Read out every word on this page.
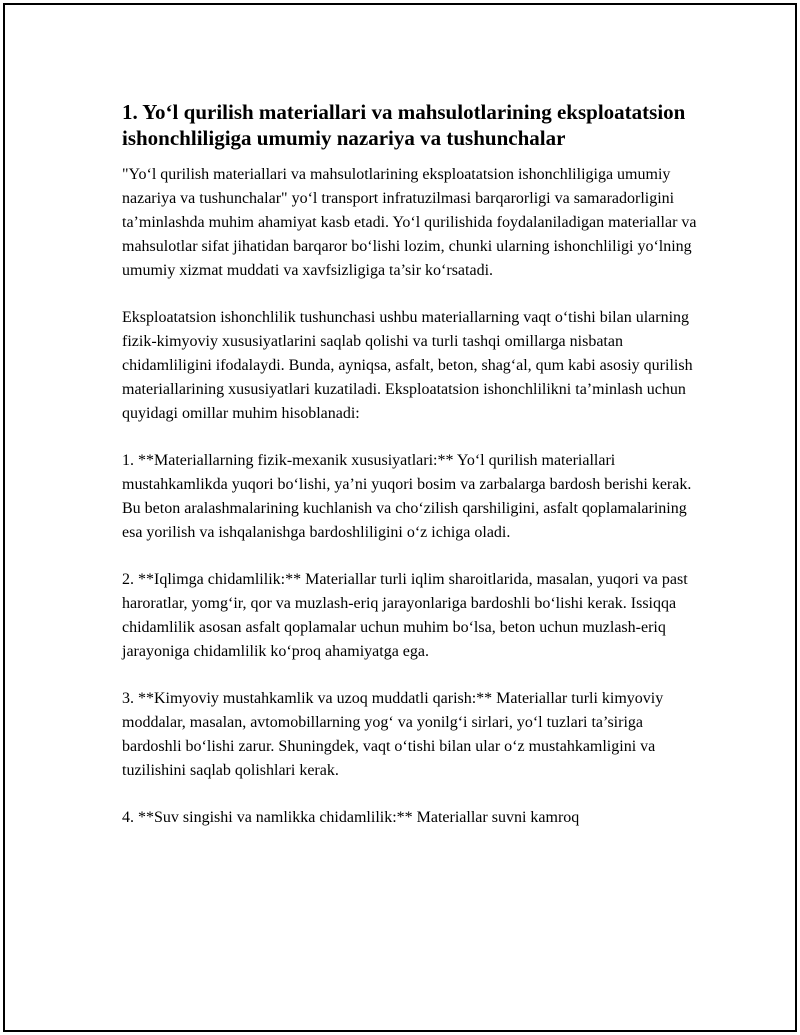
1. Yo‘l qurilish materiallari va mahsulotlarining eksploatatsion ishonchliligiga umumiy nazariya va tushunchalar

"Yo‘l qurilish materiallari va mahsulotlarining eksploatatsion ishonchliligiga umumiy nazariya va tushunchalar" yo‘l transport infratuzilmasi barqarorligi va samaradorligini ta’minlashda muhim ahamiyat kasb etadi. Yo‘l qurilishida foydalaniladigan materiallar va mahsulotlar sifat jihatidan barqaror bo‘lishi lozim, chunki ularning ishonchliligi yo‘lning umumiy xizmat muddati va xavfsizligiga ta’sir ko‘rsatadi.

Eksploatatsion ishonchlilik tushunchasi ushbu materiallarning vaqt o‘tishi bilan ularning fizik-kimyoviy xususiyatlarini saqlab qolishi va turli tashqi omillarga nisbatan chidamliligini ifodalaydi. Bunda, ayniqsa, asfalt, beton, shag‘al, qum kabi asosiy qurilish materiallarining xususiyatlari kuzatiladi. Eksploatatsion ishonchlilikni ta’minlash uchun quyidagi omillar muhim hisoblanadi:

1. **Materiallarning fizik-mexanik xususiyatlari:** Yo‘l qurilish materiallari mustahkamlikda yuqori bo‘lishi, ya’ni yuqori bosim va zarbalarga bardosh berishi kerak. Bu beton aralashmalarining kuchlanish va cho‘zilish qarshiligini, asfalt qoplamalarining esa yorilish va ishqalanishga bardoshliligini o‘z ichiga oladi.

2. **Iqlimga chidamlilik:** Materiallar turli iqlim sharoitlarida, masalan, yuqori va past haroratlar, yomg‘ir, qor va muzlash-eriq jarayonlariga bardoshli bo‘lishi kerak. Issiqqa chidamlilik asosan asfalt qoplamalar uchun muhim bo‘lsa, beton uchun muzlash-eriq jarayoniga chidamlilik ko‘proq ahamiyatga ega.

3. **Kimyoviy mustahkamlik va uzoq muddatli qarish:** Materiallar turli kimyoviy moddalar, masalan, avtomobillarning yog‘ va yonilg‘i sirlari, yo‘l tuzlari ta’siriga bardoshli bo‘lishi zarur. Shuningdek, vaqt o‘tishi bilan ular o‘z mustahkamligini va tuzilishini saqlab qolishlari kerak.

4. **Suv singishi va namlikka chidamlilik:** Materiallar suvni kamroq
